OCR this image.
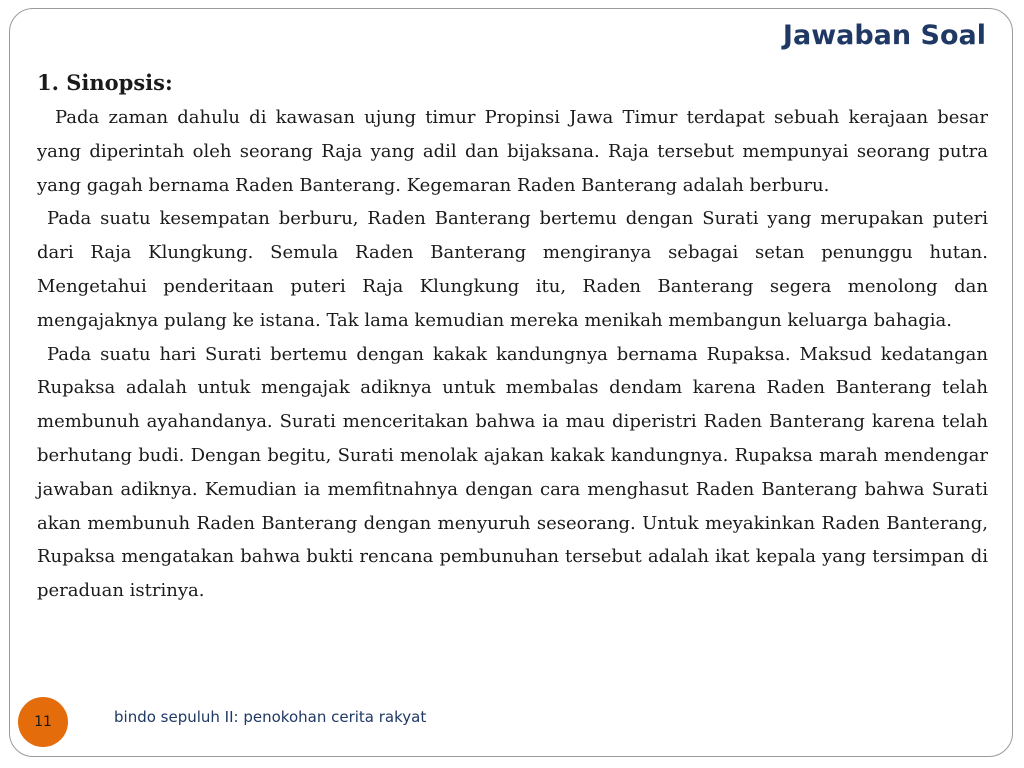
Jawaban Soal

1. Sinopsis:

Pada zaman dahulu di kawasan ujung timur Propinsi Jawa Timur terdapat sebuah kerajaan besar yang diperintah oleh seorang Raja yang adil dan bijaksana. Raja tersebut mempunyai seorang putra yang gagah bernama Raden Banterang. Kegemaran Raden Banterang adalah berburu.

Pada suatu kesempatan berburu, Raden Banterang bertemu dengan Surati yang merupakan puteri dari Raja Klungkung. Semula Raden Banterang mengiranya sebagai setan penunggu hutan. Mengetahui penderitaan puteri Raja Klungkung itu, Raden Banterang segera menolong dan mengajaknya pulang ke istana. Tak lama kemudian mereka menikah membangun keluarga bahagia.

Pada suatu hari Surati bertemu dengan kakak kandungnya bernama Rupaksa. Maksud kedatangan Rupaksa adalah untuk mengajak adiknya untuk membalas dendam karena Raden Banterang telah membunuh ayahandanya. Surati menceritakan bahwa ia mau diperistri Raden Banterang karena telah berhutang budi. Dengan begitu, Surati menolak ajakan kakak kandungnya. Rupaksa marah mendengar jawaban adiknya. Kemudian ia memfitnahnya dengan cara menghasut Raden Banterang bahwa Surati akan membunuh Raden Banterang dengan menyuruh seseorang. Untuk meyakinkan Raden Banterang, Rupaksa mengatakan bahwa bukti rencana pembunuhan tersebut adalah ikat kepala yang tersimpan di peraduan istrinya.

11	bindo sepuluh II: penokohan cerita rakyat
